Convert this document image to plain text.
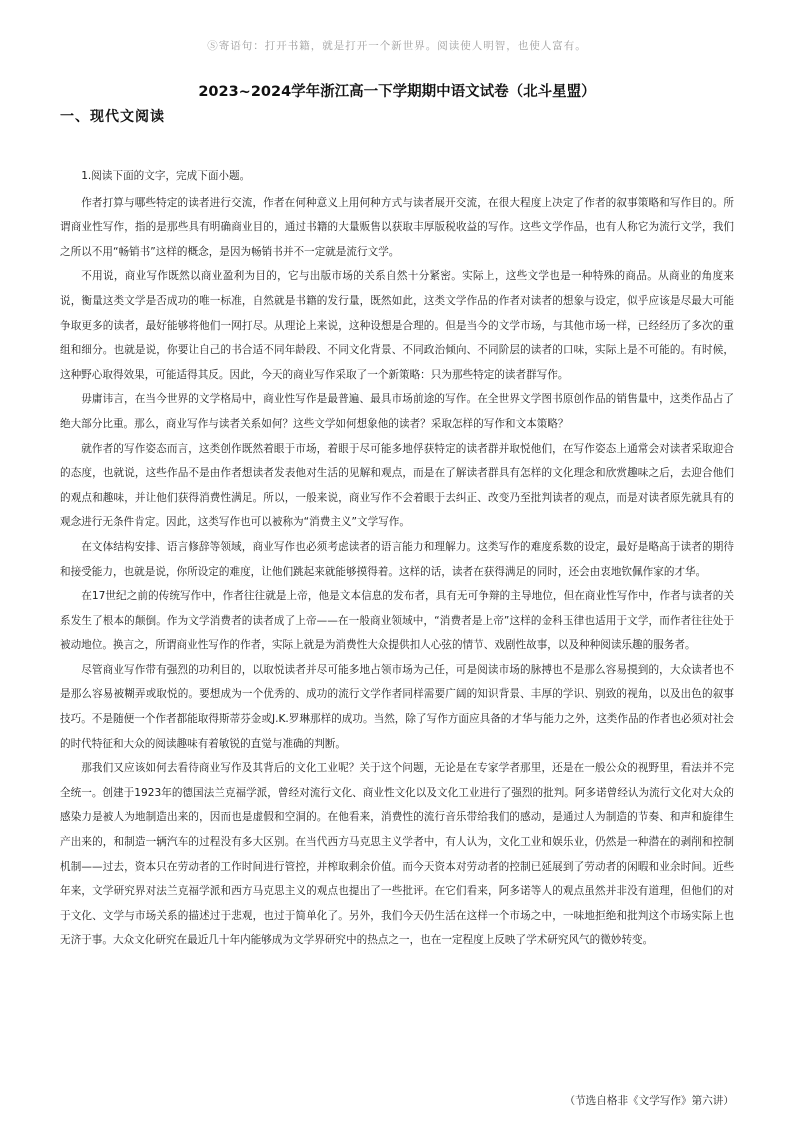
Ⓢ寄语句：打开书籍，就是打开一个新世界。阅读使人明智，也使人富有。
2023~2024学年浙江高一下学期期中语文试卷（北斗星盟）
一、现代文阅读

1.阅读下面的文字，完成下面小题。

作者打算与哪些特定的读者进行交流，作者在何种意义上用何种方式与读者展开交流，在很大程度上决定了作者的叙事策略和写作目的。所谓商业性写作，指的是那些具有明确商业目的，通过书籍的大量贩售以获取丰厚版税收益的写作。这些文学作品，也有人称它为流行文学，我们之所以不用“畅销书”这样的概念，是因为畅销书并不一定就是流行文学。

不用说，商业写作既然以商业盈利为目的，它与出版市场的关系自然十分紧密。实际上，这些文学也是一种特殊的商品。从商业的角度来说，衡量这类文学是否成功的唯一标准，自然就是书籍的发行量，既然如此，这类文学作品的作者对读者的想象与设定，似乎应该是尽最大可能争取更多的读者，最好能够将他们一网打尽。从理论上来说，这种设想是合理的。但是当今的文学市场，与其他市场一样，已经经历了多次的重组和细分。也就是说，你要让自己的书合适不同年龄段、不同文化背景、不同政治倾向、不同阶层的读者的口味，实际上是不可能的。有时候，这种野心取得效果，可能适得其反。因此，今天的商业写作采取了一个新策略：只为那些特定的读者群写作。

毋庸讳言，在当今世界的文学格局中，商业性写作是最普遍、最具市场前途的写作。在全世界文学图书原创作品的销售量中，这类作品占了绝大部分比重。那么，商业写作与读者关系如何？这些文学如何想象他的读者？采取怎样的写作和文本策略？

就作者的写作姿态而言，这类创作既然着眼于市场，着眼于尽可能多地俘获特定的读者群并取悦他们，在写作姿态上通常会对读者采取迎合的态度，也就说，这些作品不是由作者想读者发表他对生活的见解和观点，而是在了解读者群具有怎样的文化理念和欣赏趣味之后，去迎合他们的观点和趣味，并让他们获得消费性满足。所以，一般来说，商业写作不会着眼于去纠正、改变乃至批判读者的观点，而是对读者原先就具有的观念进行无条件肯定。因此，这类写作也可以被称为“消费主义”文学写作。

在文体结构安排、语言修辞等领域，商业写作也必须考虑读者的语言能力和理解力。这类写作的难度系数的设定，最好是略高于读者的期待和接受能力，也就是说，你所设定的难度，让他们跳起来就能够摸得着。这样的话，读者在获得满足的同时，还会由衷地钦佩作家的才华。

在17世纪之前的传统写作中，作者往往就是上帝，他是文本信息的发布者，具有无可争辩的主导地位，但在商业性写作中，作者与读者的关系发生了根本的颠倒。作为文学消费者的读者成了上帝——在一般商业领域中，“消费者是上帝”这样的金科玉律也适用于文学，而作者往往处于被动地位。换言之，所谓商业性写作的作者，实际上就是为消费性大众提供扣人心弦的情节、戏剧性故事，以及种种阅读乐趣的服务者。

尽管商业写作带有强烈的功利目的，以取悦读者并尽可能多地占领市场为己任，可是阅读市场的脉搏也不是那么容易摸到的，大众读者也不是那么容易被糊弄或取悦的。要想成为一个优秀的、成功的流行文学作者同样需要广阔的知识背景、丰厚的学识、别致的视角，以及出色的叙事技巧。不是随便一个作者都能取得斯蒂芬金或J.K.罗琳那样的成功。当然，除了写作方面应具备的才华与能力之外，这类作品的作者也必须对社会的时代特征和大众的阅读趣味有着敏锐的直觉与准确的判断。

那我们又应该如何去看待商业写作及其背后的文化工业呢？关于这个问题，无论是在专家学者那里，还是在一般公众的视野里，看法并不完全统一。创建于1923年的德国法兰克福学派，曾经对流行文化、商业性文化以及文化工业进行了强烈的批判。阿多诺曾经认为流行文化对大众的感染力是被人为地制造出来的，因而也是虚假和空洞的。在他看来，消费性的流行音乐带给我们的感动，是通过人为制造的节奏、和声和旋律生产出来的，和制造一辆汽车的过程没有多大区别。在当代西方马克思主义学者中，有人认为，文化工业和娱乐业，仍然是一种潜在的剥削和控制机制——过去，资本只在劳动者的工作时间进行管控，并榨取剩余价值。而今天资本对劳动者的控制已延展到了劳动者的闲暇和业余时间。近些年来，文学研究界对法兰克福学派和西方马克思主义的观点也提出了一些批评。在它们看来，阿多诺等人的观点虽然并非没有道理，但他们的对于文化、文学与市场关系的描述过于悲观，也过于简单化了。另外，我们今天仍生活在这样一个市场之中，一味地拒绝和批判这个市场实际上也无济于事。大众文化研究在最近几十年内能够成为文学界研究中的热点之一，也在一定程度上反映了学术研究风气的微妙转变。

（节选自格非《文学写作》第六讲）
